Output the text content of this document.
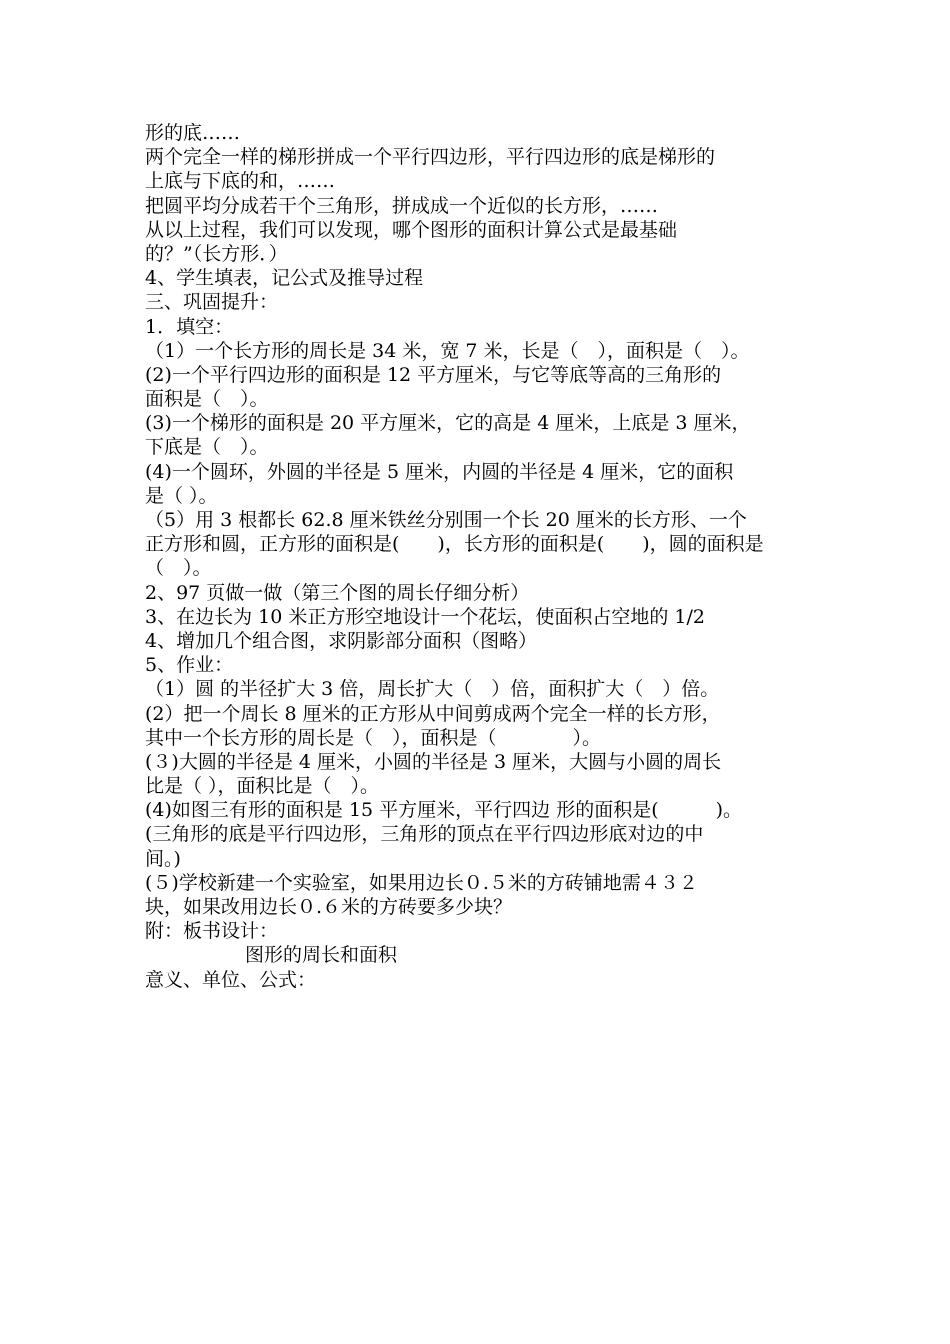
形的底……
两个完全一样的梯形拼成一个平行四边形，平行四边形的底是梯形的
上底与下底的和，……
把圆平均分成若干个三角形，拼成成一个近似的长方形，……
从以上过程，我们可以发现，哪个图形的面积计算公式是最基础
的？”（长方形．）
4、学生填表，记公式及推导过程
三、巩固提升：
1．填空：
（1）一个长方形的周长是 34 米，宽 7 米，长是（　），面积是（　）。
(2)一个平行四边形的面积是 12 平方厘米，与它等底等高的三角形的
面积是（　）。
(3)一个梯形的面积是 20 平方厘米，它的高是 4 厘米，上底是 3 厘米，
下底是（　）。
(4)一个圆环，外圆的半径是 5 厘米，内圆的半径是 4 厘米，它的面积
是（ ）。
（5）用 3 根都长 62.8 厘米铁丝分别围一个长 20 厘米的长方形、一个
正方形和圆，正方形的面积是(　　)，长方形的面积是(　　)，圆的面积是
（　）。
2、97 页做一做（第三个图的周长仔细分析）
3、在边长为 10 米正方形空地设计一个花坛，使面积占空地的 1/2
4、增加几个组合图，求阴影部分面积（图略）
5、作业：
（1）圆 的半径扩大 3 倍，周长扩大（　）倍，面积扩大（　）倍。
(2）把一个周长 8 厘米的正方形从中间剪成两个完全一样的长方形，
其中一个长方形的周长是（　），面积是（　　　　）。
(３)大圆的半径是 4 厘米，小圆的半径是 3 厘米，大圆与小圆的周长
比是（ ），面积比是（　）。
(4)如图三有形的面积是 15 平方厘米，平行四边 形的面积是(　　　)。
(三角形的底是平行四边形，三角形的顶点在平行四边形底对边的中
间。)
(５)学校新建一个实验室，如果用边长０.５米的方砖铺地需４３２
块，如果改用边长０.６米的方砖要多少块？
附：板书设计：
图形的周长和面积
意义、单位、公式：
